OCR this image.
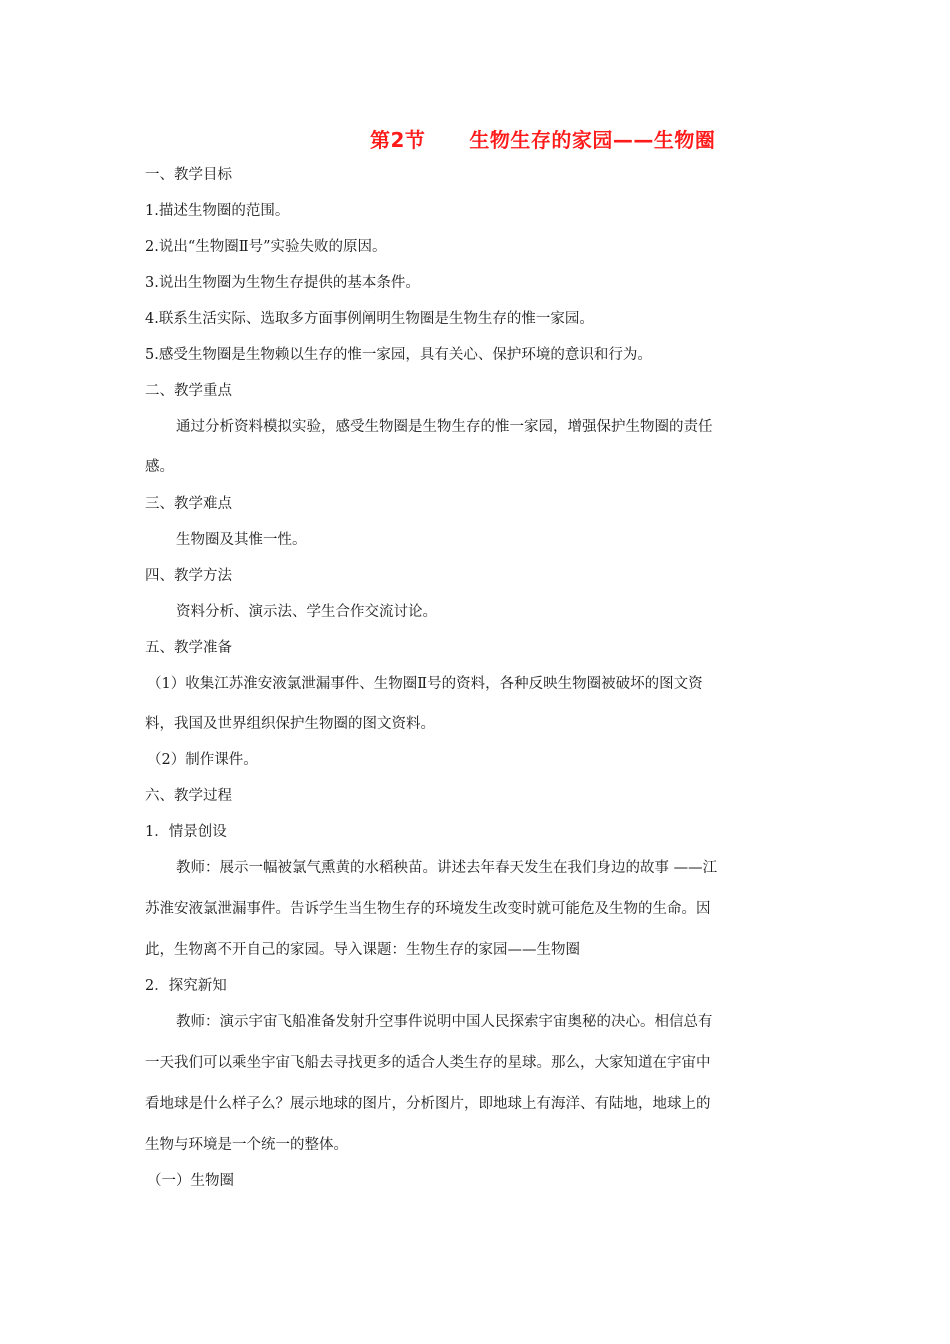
第2节 生物生存的家园——生物圈
一、教学目标
1.描述生物圈的范围。
2.说出“生物圈Ⅱ号”实验失败的原因。
3.说出生物圈为生物生存提供的基本条件。
4.联系生活实际、选取多方面事例阐明生物圈是生物生存的惟一家园。
5.感受生物圈是生物赖以生存的惟一家园，具有关心、保护环境的意识和行为。
二、教学重点
通过分析资料模拟实验，感受生物圈是生物生存的惟一家园，增强保护生物圈的责任
感。
三、教学难点
生物圈及其惟一性。
四、教学方法
资料分析、演示法、学生合作交流讨论。
五、教学准备
（1）收集江苏淮安液氯泄漏事件、生物圈Ⅱ号的资料，各种反映生物圈被破坏的图文资
料，我国及世界组织保护生物圈的图文资料。
（2）制作课件。
六、教学过程
1．情景创设
教师：展示一幅被氯气熏黄的水稻秧苗。讲述去年春天发生在我们身边的故事 ——江
苏淮安液氯泄漏事件。告诉学生当生物生存的环境发生改变时就可能危及生物的生命。因
此，生物离不开自己的家园。导入课题：生物生存的家园——生物圈
2．探究新知
教师：演示宇宙飞船准备发射升空事件说明中国人民探索宇宙奥秘的决心。相信总有
一天我们可以乘坐宇宙飞船去寻找更多的适合人类生存的星球。那么，大家知道在宇宙中
看地球是什么样子么？展示地球的图片，分析图片，即地球上有海洋、有陆地，地球上的
生物与环境是一个统一的整体。
（一）生物圈
